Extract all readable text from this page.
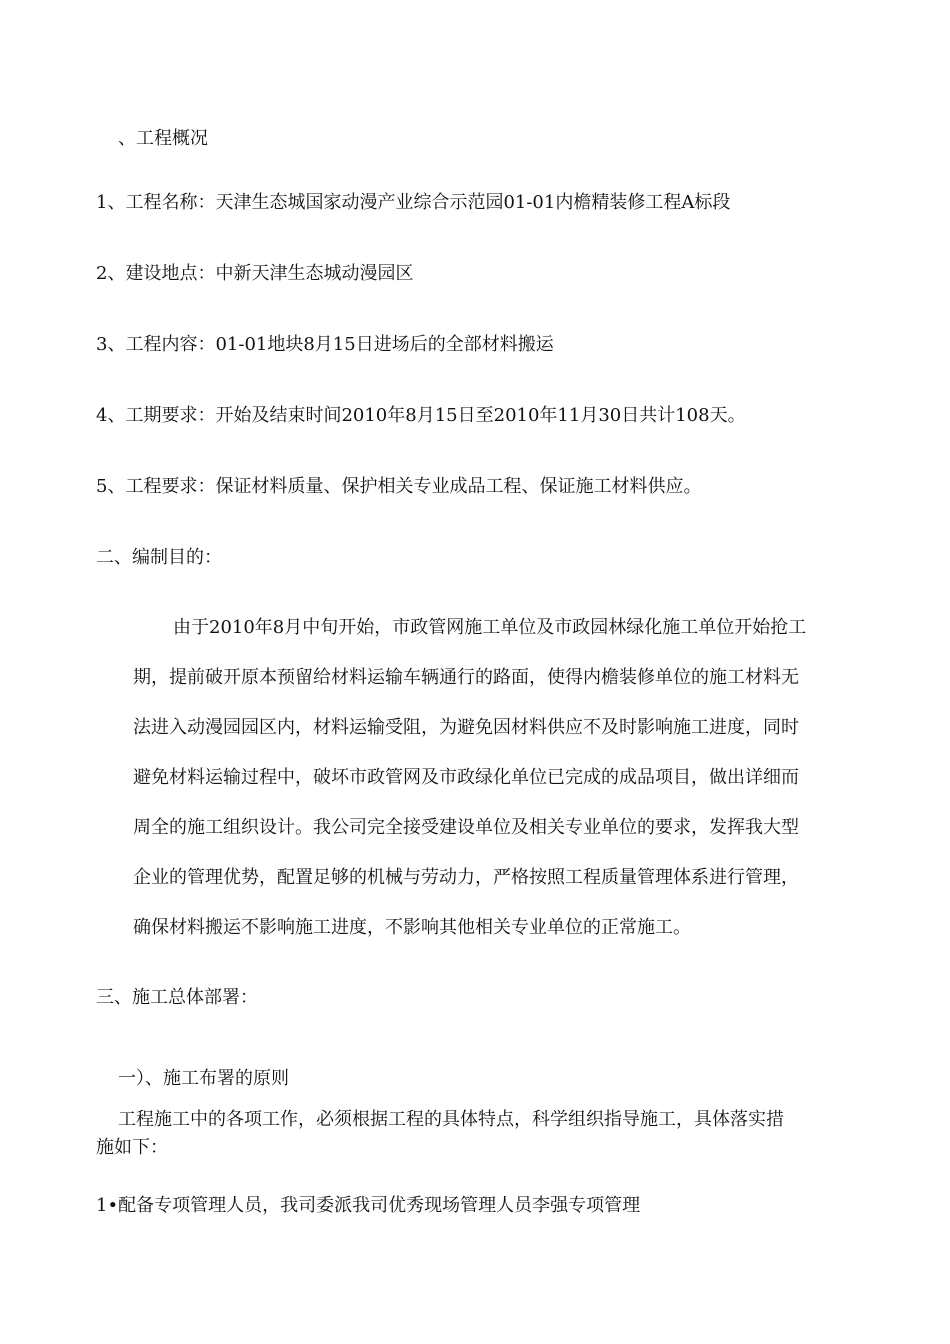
、工程概况
1、工程名称：天津生态城国家动漫产业综合示范园01-01内檐精装修工程A标段
2、建设地点：中新天津生态城动漫园区
3、工程内容：01-01地块8月15日进场后的全部材料搬运
4、工期要求：开始及结束时间2010年8月15日至2010年11月30日共计108天。
5、工程要求：保证材料质量、保护相关专业成品工程、保证施工材料供应。
二、编制目的：
由于2010年8月中旬开始，市政管网施工单位及市政园林绿化施工单位开始抢工
期，提前破开原本预留给材料运输车辆通行的路面，使得内檐装修单位的施工材料无
法进入动漫园园区内，材料运输受阻，为避免因材料供应不及时影响施工进度，同时
避免材料运输过程中，破坏市政管网及市政绿化单位已完成的成品项目，做出详细而
周全的施工组织设计。我公司完全接受建设单位及相关专业单位的要求，发挥我大型
企业的管理优势，配置足够的机械与劳动力，严格按照工程质量管理体系进行管理，
确保材料搬运不影响施工进度，不影响其他相关专业单位的正常施工。
三、施工总体部署：
一）、施工布署的原则
工程施工中的各项工作，必须根据工程的具体特点，科学组织指导施工，具体落实措
施如下：
1•配备专项管理人员，我司委派我司优秀现场管理人员李强专项管理
